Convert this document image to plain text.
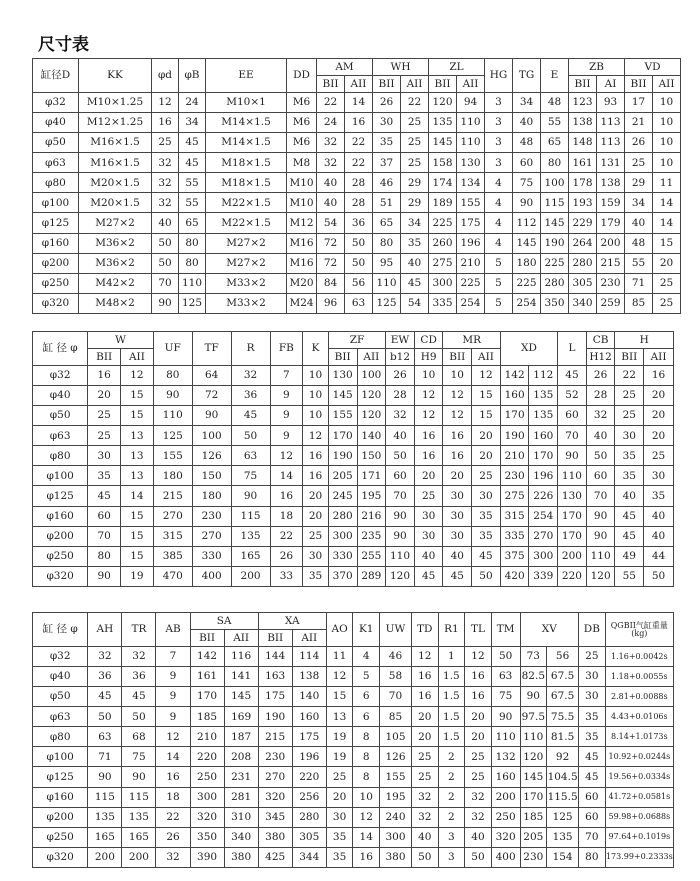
尺寸表
缸径D	KK	φd	φB	EE	DD	AM		WH		ZL		HG	TG	E	ZB		VD	
						BII	AII	BII	AII	BII	AII				BII	AI	BII	AII
φ32	M10×1.25	12	24	M10×1	M6	22	14	26	22	120	94	3	34	48	123	93	17	10
φ40	M12×1.25	16	34	M14×1.5	M6	24	16	30	25	135	110	3	40	55	138	113	21	10
φ50	M16×1.5	25	45	M14×1.5	M6	32	22	35	25	145	110	3	48	65	148	113	26	10
φ63	M16×1.5	32	45	M18×1.5	M8	32	22	37	25	158	130	3	60	80	161	131	25	10
φ80	M20×1.5	32	55	M18×1.5	M10	40	28	46	29	174	134	4	75	100	178	138	29	11
φ100	M20×1.5	32	55	M22×1.5	M10	40	28	51	29	189	155	4	90	115	193	159	34	14
φ125	M27×2	40	65	M22×1.5	M12	54	36	65	34	225	175	4	112	145	229	179	40	14
φ160	M36×2	50	80	M27×2	M16	72	50	80	35	260	196	4	145	190	264	200	48	15
φ200	M36×2	50	80	M27×2	M16	72	50	95	40	275	210	5	180	225	280	215	55	20
φ250	M42×2	70	110	M33×2	M20	84	56	110	45	300	225	5	225	280	305	230	71	25
φ320	M48×2	90	125	M33×2	M24	96	63	125	54	335	254	5	254	350	340	259	85	25
缸 径 φ	W		UF	TF	R	FB	K	ZF		EW	CD	MR		XD		L	CB	H	
	BII	AII						BII	AII	b12	H9	BII	AII				H12	BII	AII
φ32	16	12	80	64	32	7	10	130	100	26	10	10	12	142	112	45	26	22	16
φ40	20	15	90	72	36	9	10	145	120	28	12	12	15	160	135	52	28	25	20
φ50	25	15	110	90	45	9	10	155	120	32	12	12	15	170	135	60	32	25	20
φ63	25	13	125	100	50	9	12	170	140	40	16	16	20	190	160	70	40	30	20
φ80	30	13	155	126	63	12	16	190	150	50	16	16	20	210	170	90	50	35	25
φ100	35	13	180	150	75	14	16	205	171	60	20	20	25	230	196	110	60	35	30
φ125	45	14	215	180	90	16	20	245	195	70	25	30	30	275	226	130	70	40	35
φ160	60	15	270	230	115	18	20	280	216	90	30	30	35	315	254	170	90	45	40
φ200	70	15	315	270	135	22	25	300	235	90	30	30	35	335	270	170	90	45	40
φ250	80	15	385	330	165	26	30	330	255	110	40	40	45	375	300	200	110	49	44
φ320	90	19	470	400	200	33	35	370	289	120	45	45	50	420	339	220	120	55	50
缸 径 φ	AH	TR	AB	SA		XA		AO	K1	UW	TD	R1	TL	TM	XV		DB	QGBII气缸重量
(kg)

				BII	AII	BII	AII											
φ32	32	32	7	142	116	144	114	11	4	46	12	1	12	50	73	56	25	1.16+0.0042s
φ40	36	36	9	161	141	163	138	12	5	58	16	1.5	16	63	82.5	67.5	30	1.18+0.0055s
φ50	45	45	9	170	145	175	140	15	6	70	16	1.5	16	75	90	67.5	30	2.81+0.0088s
φ63	50	50	9	185	169	190	160	13	6	85	20	1.5	20	90	97.5	75.5	35	4.43+0.0106s
φ80	63	68	12	210	187	215	175	19	8	105	20	1.5	20	110	110	81.5	35	8.14+1.0173s
φ100	71	75	14	220	208	230	196	19	8	126	25	2	25	132	120	92	45	10.92+0.0244s
φ125	90	90	16	250	231	270	220	25	8	155	25	2	25	160	145	104.5	45	19.56+0.0334s
φ160	115	115	18	300	281	320	256	20	10	195	32	2	32	200	170	115.5	60	41.72+0.0581s
φ200	135	135	22	320	310	345	280	30	12	240	32	2	32	250	185	125	60	59.98+0.0688s
φ250	165	165	26	350	340	380	305	35	14	300	40	3	40	320	205	135	70	97.64+0.1019s
φ320	200	200	32	390	380	425	344	35	16	380	50	3	50	400	230	154	80	173.99+0.2333s
